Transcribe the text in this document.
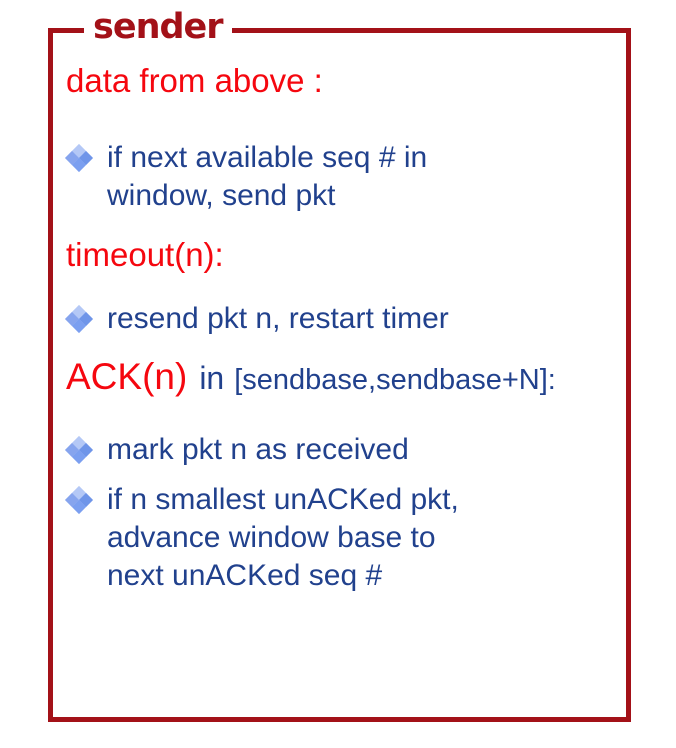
data from above :
if next available seq # in
window, send pkt
timeout(n):
resend pkt n, restart timer
ACK(n) in [sendbase,sendbase+N]:
mark pkt n as received
if n smallest unACKed pkt,
advance window base to
next unACKed seq #
sender
